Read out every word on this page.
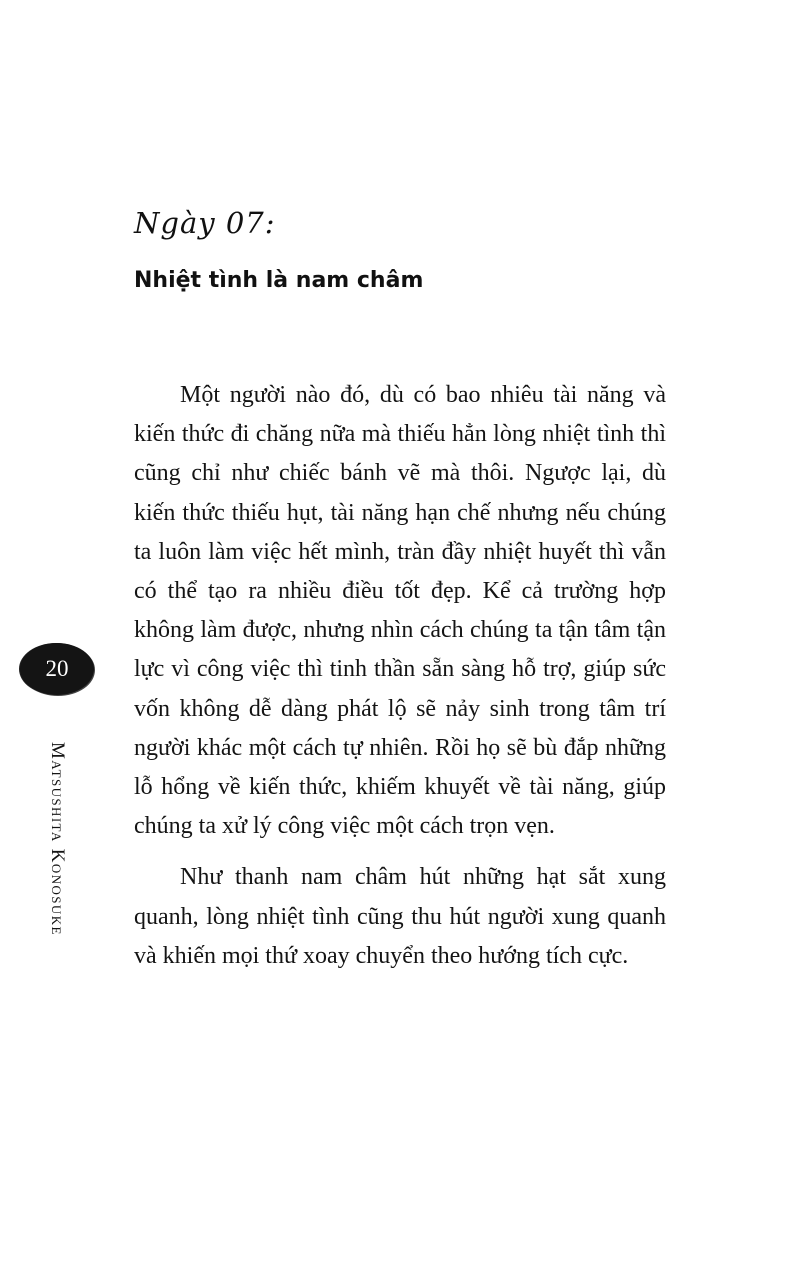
Ngày 07:
Nhiệt tình là nam châm

Một người nào đó, dù có bao nhiêu tài năng và kiến thức đi chăng nữa mà thiếu hẳn lòng nhiệt tình thì cũng chỉ như chiếc bánh vẽ mà thôi. Ngược lại, dù kiến thức thiếu hụt, tài năng hạn chế nhưng nếu chúng ta luôn làm việc hết mình, tràn đầy nhiệt huyết thì vẫn có thể tạo ra nhiều điều tốt đẹp. Kể cả trường hợp không làm được, nhưng nhìn cách chúng ta tận tâm tận lực vì công việc thì tinh thần sẵn sàng hỗ trợ, giúp sức vốn không dễ dàng phát lộ sẽ nảy sinh trong tâm trí người khác một cách tự nhiên. Rồi họ sẽ bù đắp những lỗ hổng về kiến thức, khiếm khuyết về tài năng, giúp chúng ta xử lý công việc một cách trọn vẹn.

Như thanh nam châm hút những hạt sắt xung quanh, lòng nhiệt tình cũng thu hút người xung quanh và khiến mọi thứ xoay chuyển theo hướng tích cực.

20
Matsushita Konosuke
